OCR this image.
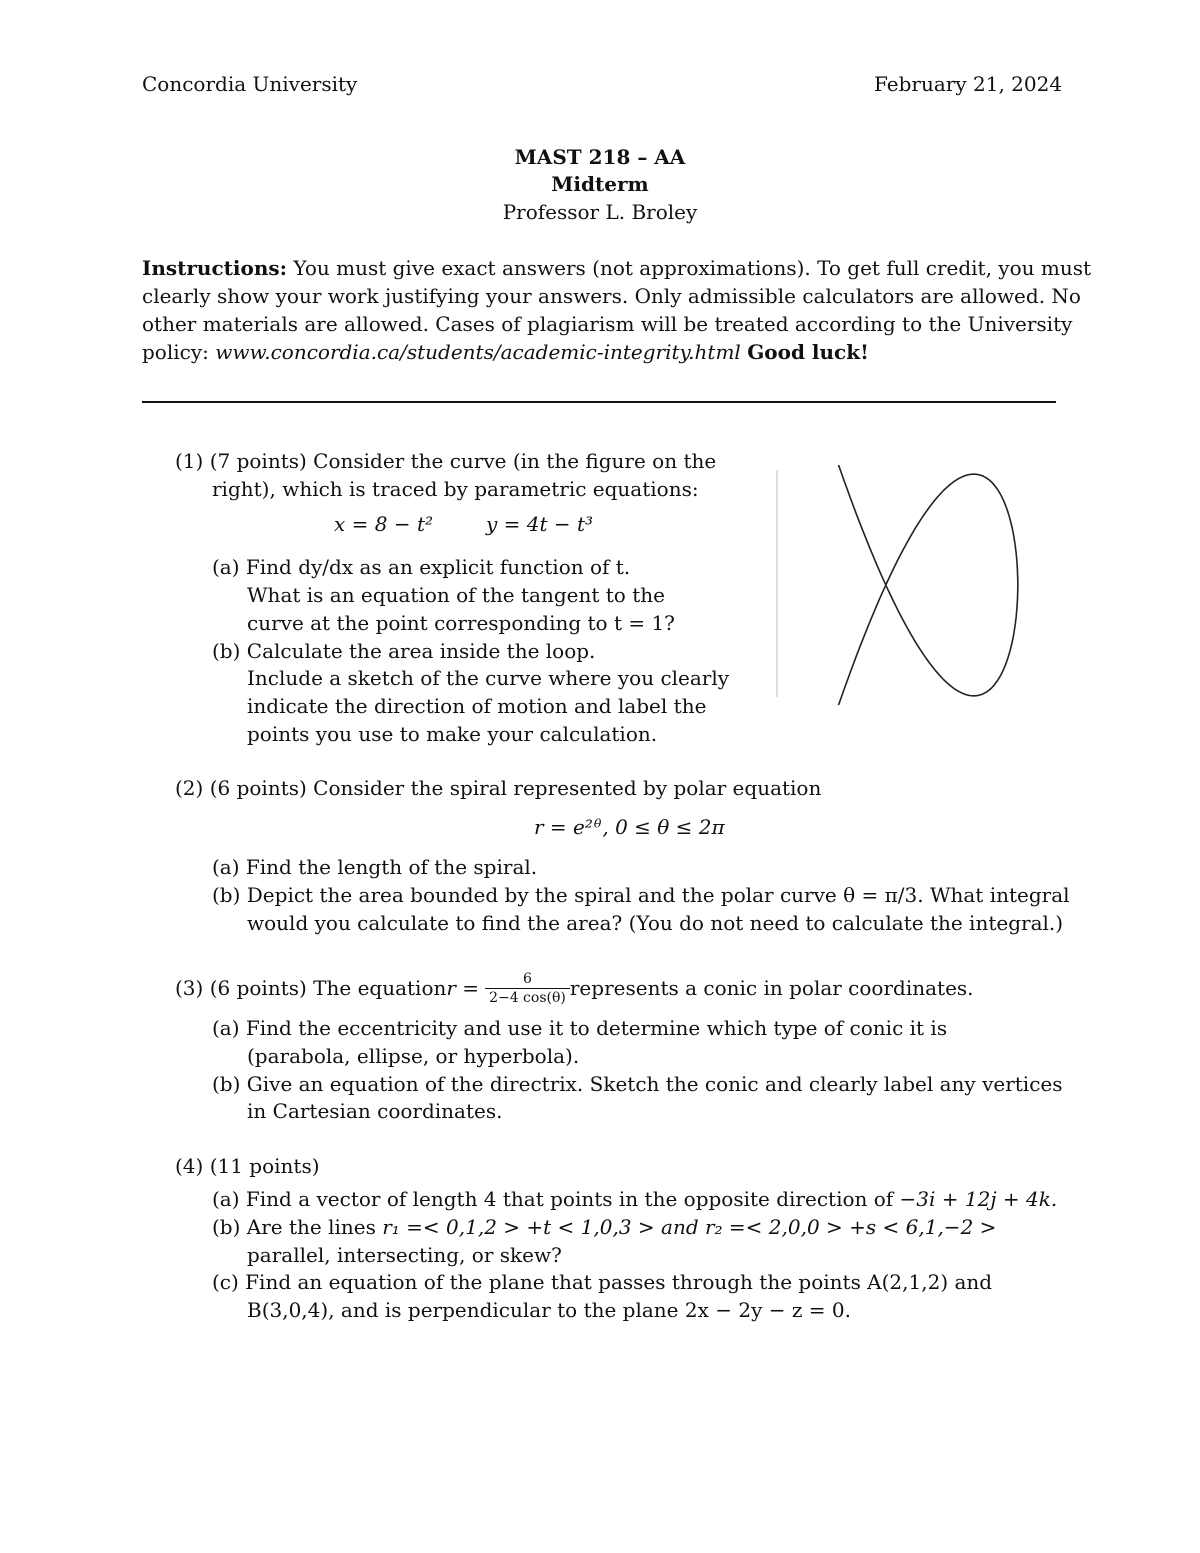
Concordia University	February 21, 2024
MAST 218 – AA
Midterm
Professor L. Broley
Instructions: You must give exact answers (not approximations). To get full credit, you must
clearly show your work justifying your answers. Only admissible calculators are allowed. No
other materials are allowed. Cases of plagiarism will be treated according to the University
policy: www.concordia.ca/students/academic-integrity.html Good luck!
(1) (7 points) Consider the curve (in the figure on the
right), which is traced by parametric equations:
x = 8 − t²	y = 4t − t³
(a) Find dy/dx as an explicit function of t.
What is an equation of the tangent to the
curve at the point corresponding to t = 1?
(b) Calculate the area inside the loop.
Include a sketch of the curve where you clearly
indicate the direction of motion and label the
points you use to make your calculation.
(2) (6 points) Consider the spiral represented by polar equation
r = e²ᶿ, 0 ≤ θ ≤ 2π
(a) Find the length of the spiral.
(b) Depict the area bounded by the spiral and the polar curve θ = π/3. What integral
would you calculate to find the area? (You do not need to calculate the integral.)
(3) (6 points) The equation $r = \frac{6}{2-4 \cos(\theta)}$ represents a conic in polar coordinates.
(a) Find the eccentricity and use it to determine which type of conic it is
(parabola, ellipse, or hyperbola).
(b) Give an equation of the directrix. Sketch the conic and clearly label any vertices
in Cartesian coordinates.
(4) (11 points)
(a) Find a vector of length 4 that points in the opposite direction of −3i + 12j + 4k.
(b) Are the lines r₁ =< 0,1,2 > +t < 1,0,3 > and r₂ =< 2,0,0 > +s < 6,1,−2 >
parallel, intersecting, or skew?
(c) Find an equation of the plane that passes through the points A(2,1,2) and
B(3,0,4), and is perpendicular to the plane 2x − 2y − z = 0.
